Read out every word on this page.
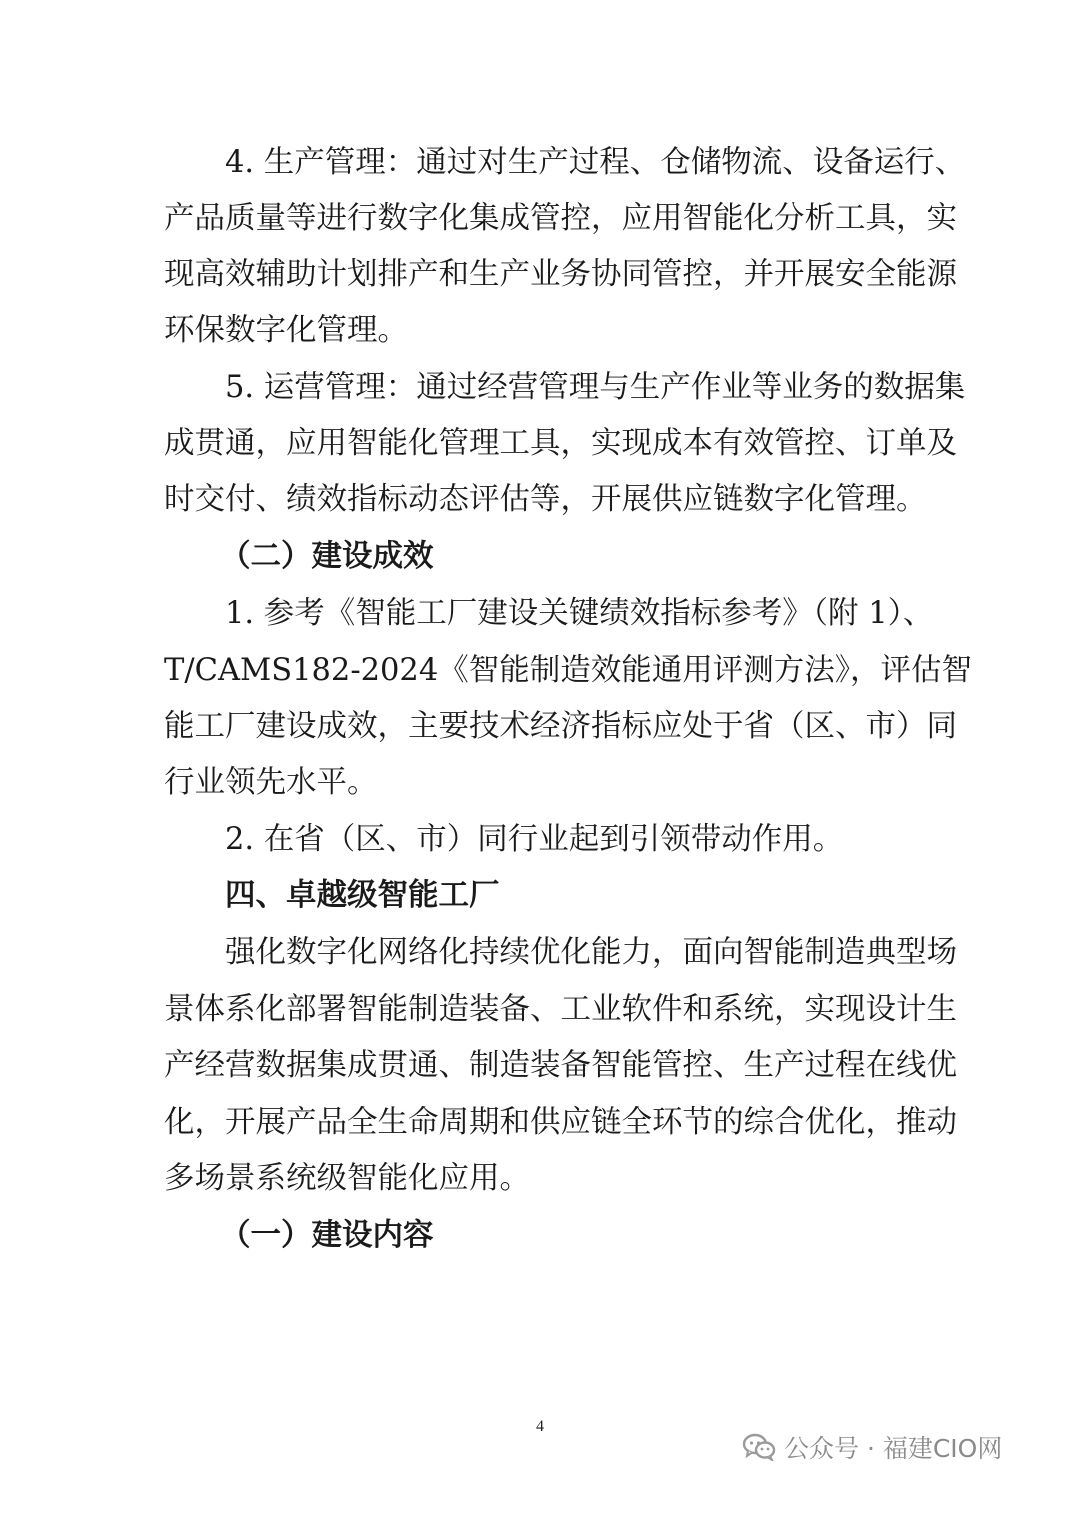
4. 生产管理：通过对生产过程、仓储物流、设备运行、
产品质量等进行数字化集成管控，应用智能化分析工具，实
现高效辅助计划排产和生产业务协同管控，并开展安全能源
环保数字化管理。
5. 运营管理：通过经营管理与生产作业等业务的数据集
成贯通，应用智能化管理工具，实现成本有效管控、订单及
时交付、绩效指标动态评估等，开展供应链数字化管理。
（二）建设成效
1. 参考《智能工厂建设关键绩效指标参考》（附 1）、
T/CAMS182-2024《智能制造效能通用评测方法》，评估智
能工厂建设成效，主要技术经济指标应处于省（区、市）同
行业领先水平。
2. 在省（区、市）同行业起到引领带动作用。
四、卓越级智能工厂
强化数字化网络化持续优化能力，面向智能制造典型场
景体系化部署智能制造装备、工业软件和系统，实现设计生
产经营数据集成贯通、制造装备智能管控、生产过程在线优
化，开展产品全生命周期和供应链全环节的综合优化，推动
多场景系统级智能化应用。
（一）建设内容
4
公众号 · 福建CIO网
